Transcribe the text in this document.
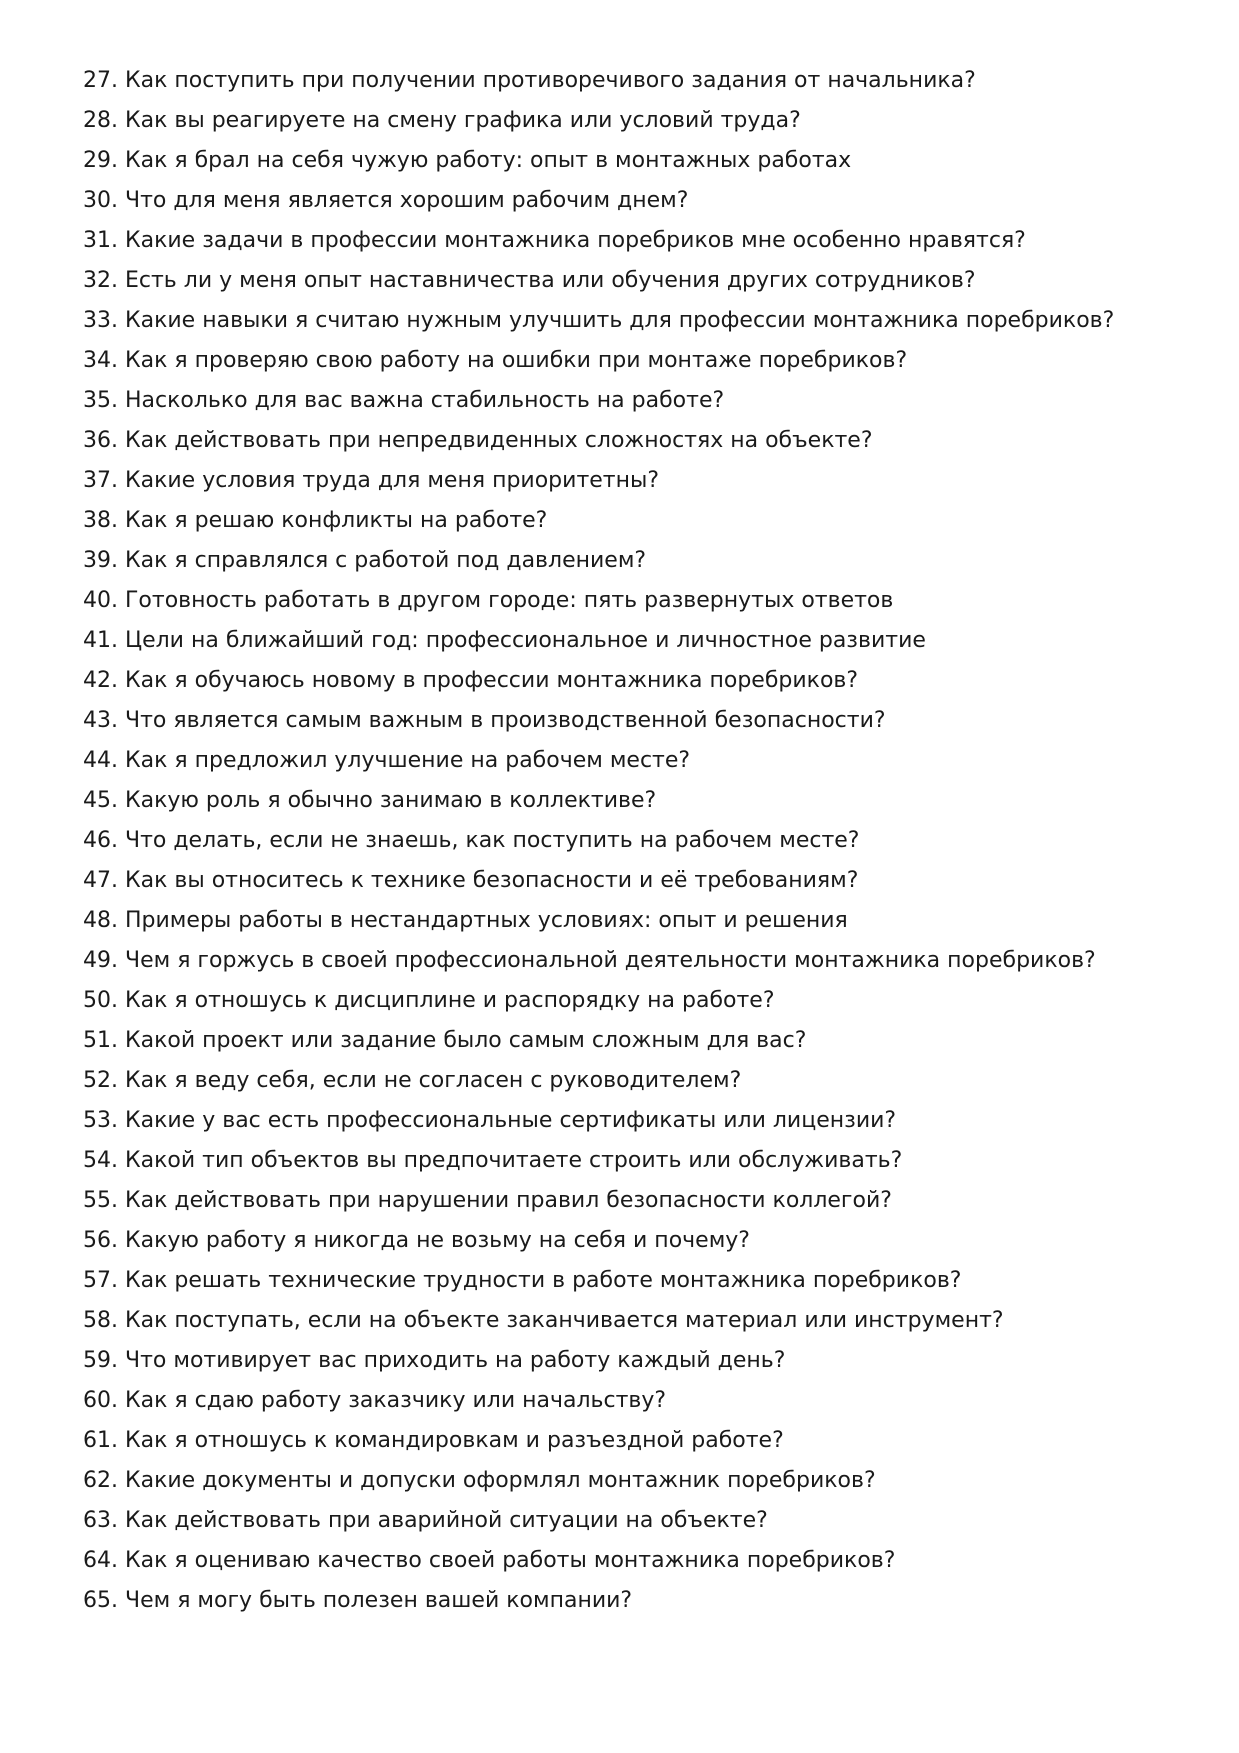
27. Как поступить при получении противоречивого задания от начальника?
28. Как вы реагируете на смену графика или условий труда?
29. Как я брал на себя чужую работу: опыт в монтажных работах
30. Что для меня является хорошим рабочим днем?
31. Какие задачи в профессии монтажника поребриков мне особенно нравятся?
32. Есть ли у меня опыт наставничества или обучения других сотрудников?
33. Какие навыки я считаю нужным улучшить для профессии монтажника поребриков?
34. Как я проверяю свою работу на ошибки при монтаже поребриков?
35. Насколько для вас важна стабильность на работе?
36. Как действовать при непредвиденных сложностях на объекте?
37. Какие условия труда для меня приоритетны?
38. Как я решаю конфликты на работе?
39. Как я справлялся с работой под давлением?
40. Готовность работать в другом городе: пять развернутых ответов
41. Цели на ближайший год: профессиональное и личностное развитие
42. Как я обучаюсь новому в профессии монтажника поребриков?
43. Что является самым важным в производственной безопасности?
44. Как я предложил улучшение на рабочем месте?
45. Какую роль я обычно занимаю в коллективе?
46. Что делать, если не знаешь, как поступить на рабочем месте?
47. Как вы относитесь к технике безопасности и её требованиям?
48. Примеры работы в нестандартных условиях: опыт и решения
49. Чем я горжусь в своей профессиональной деятельности монтажника поребриков?
50. Как я отношусь к дисциплине и распорядку на работе?
51. Какой проект или задание было самым сложным для вас?
52. Как я веду себя, если не согласен с руководителем?
53. Какие у вас есть профессиональные сертификаты или лицензии?
54. Какой тип объектов вы предпочитаете строить или обслуживать?
55. Как действовать при нарушении правил безопасности коллегой?
56. Какую работу я никогда не возьму на себя и почему?
57. Как решать технические трудности в работе монтажника поребриков?
58. Как поступать, если на объекте заканчивается материал или инструмент?
59. Что мотивирует вас приходить на работу каждый день?
60. Как я сдаю работу заказчику или начальству?
61. Как я отношусь к командировкам и разъездной работе?
62. Какие документы и допуски оформлял монтажник поребриков?
63. Как действовать при аварийной ситуации на объекте?
64. Как я оцениваю качество своей работы монтажника поребриков?
65. Чем я могу быть полезен вашей компании?
